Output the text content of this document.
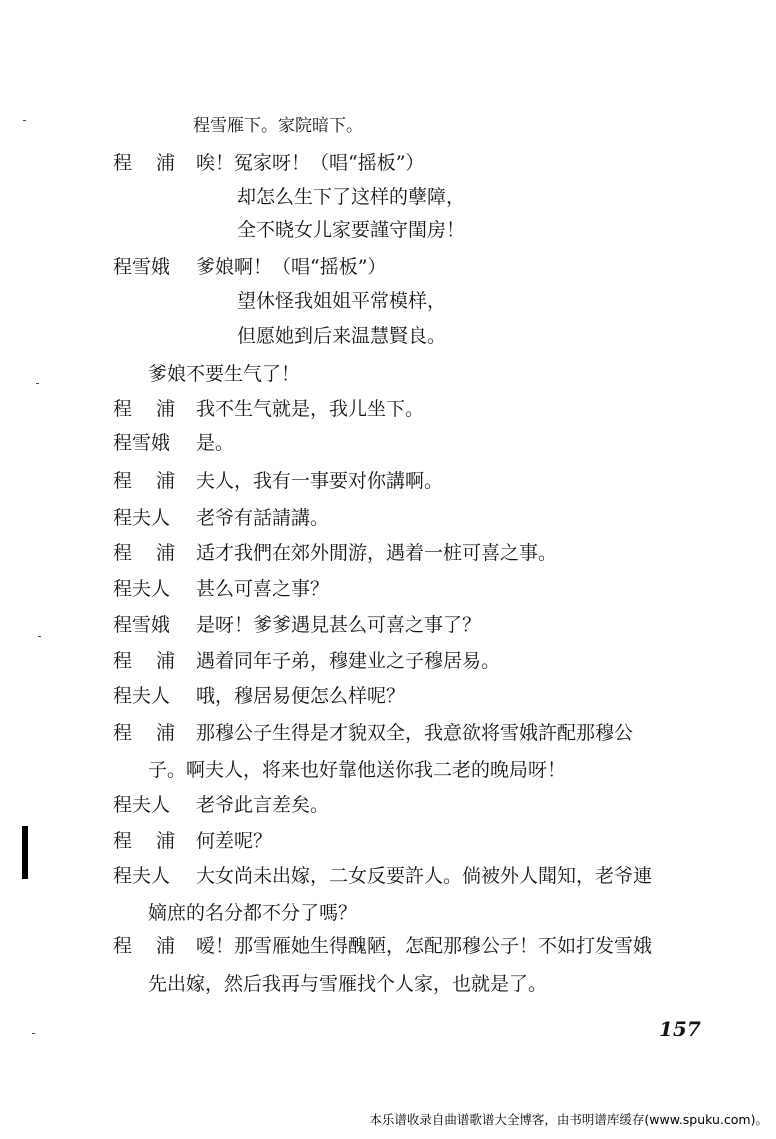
程雪雁下。家院暗下。
程 浦 唉！冤家呀！（唱“摇板”）
却怎么生下了这样的孽障，
全不晓女儿家要謹守閨房！
程雪娥 爹娘啊！（唱“摇板”）
望休怪我姐姐平常模样，
但愿她到后来温慧賢良。
爹娘不要生气了！
程 浦 我不生气就是，我儿坐下。
程雪娥 是。
程 浦 夫人，我有一事要对你講啊。
程夫人 老爷有話請講。
程 浦 适才我們在郊外閒游，遇着一桩可喜之事。
程夫人 甚么可喜之事？
程雪娥 是呀！爹爹遇見甚么可喜之事了？
程 浦 遇着同年子弟，穆建业之子穆居易。
程夫人 哦，穆居易便怎么样呢？
程 浦 那穆公子生得是才貌双全，我意欲将雪娥許配那穆公
子。啊夫人，将来也好靠他送你我二老的晚局呀！
程夫人 老爷此言差矣。
程 浦 何差呢？
程夫人 大女尚未出嫁，二女反要許人。倘被外人聞知，老爷連
嫡庶的名分都不分了嗎？
程 浦 嗳！那雪雁她生得醜陋，怎配那穆公子！不如打发雪娥
先出嫁，然后我再与雪雁找个人家，也就是了。
157
本乐谱收录自曲谱歌谱大全博客，由书明谱库缓存(www.spuku.com)。
